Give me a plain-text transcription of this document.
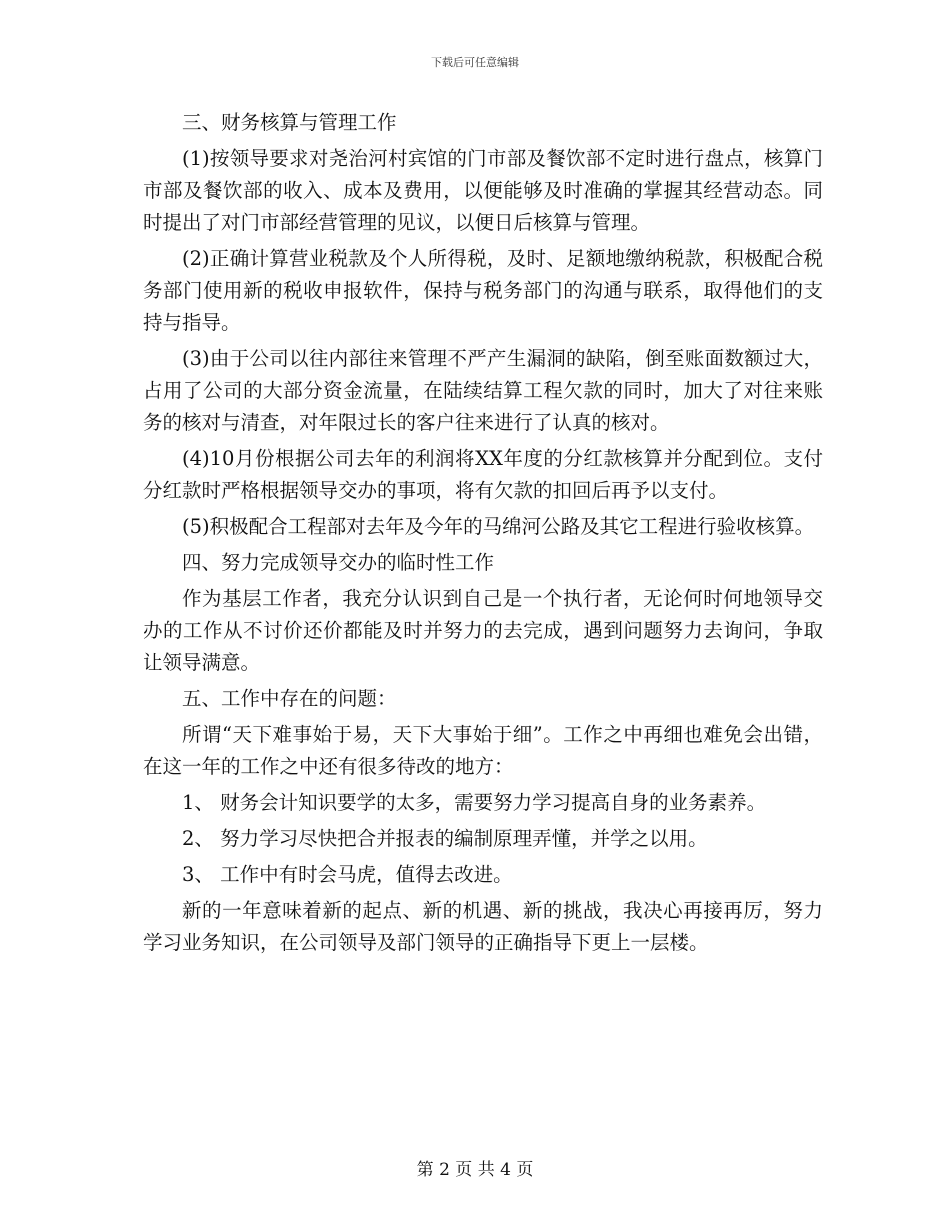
下载后可任意编辑

三、财务核算与管理工作

(1)按领导要求对尧治河村宾馆的门市部及餐饮部不定时进行盘点，核算门市部及餐饮部的收入、成本及费用，以便能够及时准确的掌握其经营动态。同时提出了对门市部经营管理的见议，以便日后核算与管理。

(2)正确计算营业税款及个人所得税，及时、足额地缴纳税款，积极配合税务部门使用新的税收申报软件，保持与税务部门的沟通与联系，取得他们的支持与指导。

(3)由于公司以往内部往来管理不严产生漏洞的缺陷，倒至账面数额过大，占用了公司的大部分资金流量，在陆续结算工程欠款的同时，加大了对往来账务的核对与清查，对年限过长的客户往来进行了认真的核对。

(4)10月份根据公司去年的利润将XX年度的分红款核算并分配到位。支付分红款时严格根据领导交办的事项，将有欠款的扣回后再予以支付。

(5)积极配合工程部对去年及今年的马绵河公路及其它工程进行验收核算。

四、努力完成领导交办的临时性工作

作为基层工作者，我充分认识到自己是一个执行者，无论何时何地领导交办的工作从不讨价还价都能及时并努力的去完成，遇到问题努力去询问，争取让领导满意。

五、工作中存在的问题：

所谓“天下难事始于易，天下大事始于细”。工作之中再细也难免会出错，在这一年的工作之中还有很多待改的地方：

1、 财务会计知识要学的太多，需要努力学习提高自身的业务素养。

2、 努力学习尽快把合并报表的编制原理弄懂，并学之以用。

3、 工作中有时会马虎，值得去改进。

新的一年意味着新的起点、新的机遇、新的挑战，我决心再接再厉，努力学习业务知识，在公司领导及部门领导的正确指导下更上一层楼。

第 2 页 共 4 页
